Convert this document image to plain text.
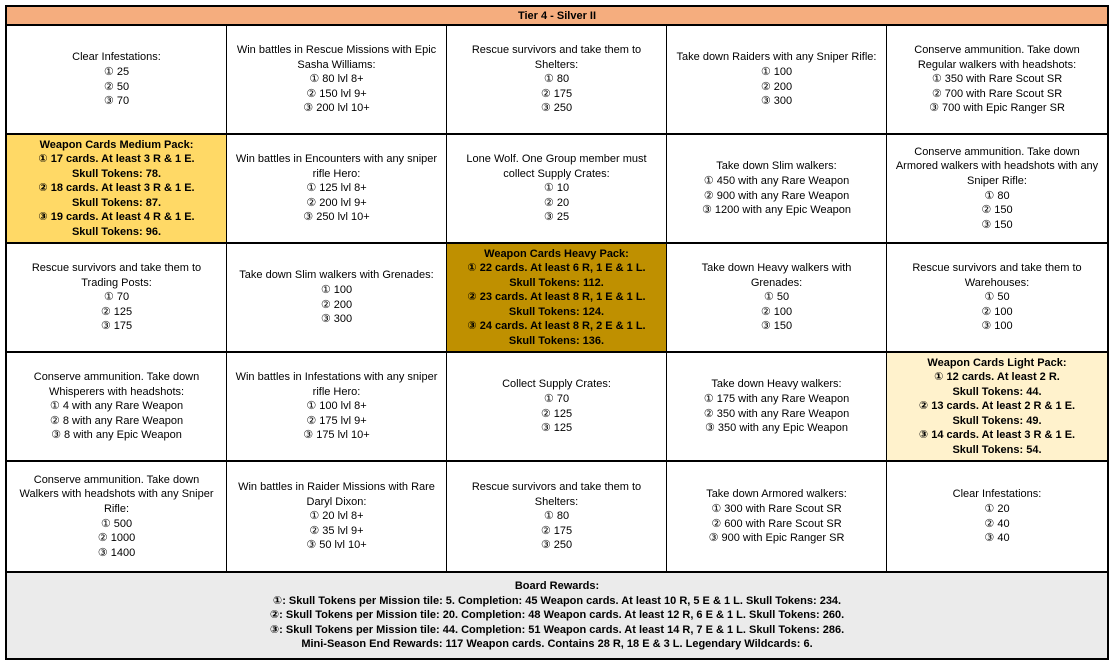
Tier 4 - Silver II
Clear Infestations:
① 25
② 50
③ 70
Win battles in Rescue Missions with Epic Sasha Williams:
① 80 lvl 8+
② 150 lvl 9+
③ 200 lvl 10+
Rescue survivors and take them to Shelters:
① 80
② 175
③ 250
Take down Raiders with any Sniper Rifle:
① 100
② 200
③ 300
Conserve ammunition. Take down Regular walkers with headshots:
① 350 with Rare Scout SR
② 700 with Rare Scout SR
③ 700 with Epic Ranger SR
Weapon Cards Medium Pack:
① 17 cards. At least 3 R & 1 E.
Skull Tokens: 78.
② 18 cards. At least 3 R & 1 E.
Skull Tokens: 87.
③ 19 cards. At least 4 R & 1 E.
Skull Tokens: 96.
Win battles in Encounters with any sniper rifle Hero:
① 125 lvl 8+
② 200 lvl 9+
③ 250 lvl 10+
Lone Wolf. One Group member must collect Supply Crates:
① 10
② 20
③ 25
Take down Slim walkers:
① 450 with any Rare Weapon
② 900 with any Rare Weapon
③ 1200 with any Epic Weapon
Conserve ammunition. Take down Armored walkers with headshots with any Sniper Rifle:
① 80
② 150
③ 150
Rescue survivors and take them to Trading Posts:
① 70
② 125
③ 175
Take down Slim walkers with Grenades:
① 100
② 200
③ 300
Weapon Cards Heavy Pack:
① 22 cards. At least 6 R, 1 E & 1 L.
Skull Tokens: 112.
② 23 cards. At least 8 R, 1 E & 1 L.
Skull Tokens: 124.
③ 24 cards. At least 8 R, 2 E & 1 L.
Skull Tokens: 136.
Take down Heavy walkers with Grenades:
① 50
② 100
③ 150
Rescue survivors and take them to Warehouses:
① 50
② 100
③ 100
Conserve ammunition. Take down Whisperers with headshots:
① 4 with any Rare Weapon
② 8 with any Rare Weapon
③ 8 with any Epic Weapon
Win battles in Infestations with any sniper rifle Hero:
① 100 lvl 8+
② 175 lvl 9+
③ 175 lvl 10+
Collect Supply Crates:
① 70
② 125
③ 125
Take down Heavy walkers:
① 175 with any Rare Weapon
② 350 with any Rare Weapon
③ 350 with any Epic Weapon
Weapon Cards Light Pack:
① 12 cards. At least 2 R.
Skull Tokens: 44.
② 13 cards. At least 2 R & 1 E.
Skull Tokens: 49.
③ 14 cards. At least 3 R & 1 E.
Skull Tokens: 54.
Conserve ammunition. Take down Walkers with headshots with any Sniper Rifle:
① 500
② 1000
③ 1400
Win battles in Raider Missions with Rare Daryl Dixon:
① 20 lvl 8+
② 35 lvl 9+
③ 50 lvl 10+
Rescue survivors and take them to Shelters:
① 80
② 175
③ 250
Take down Armored walkers:
① 300 with Rare Scout SR
② 600 with Rare Scout SR
③ 900 with Epic Ranger SR
Clear Infestations:
① 20
② 40
③ 40
Board Rewards:
①: Skull Tokens per Mission tile: 5. Completion: 45 Weapon cards. At least 10 R, 5 E & 1 L. Skull Tokens: 234.
②: Skull Tokens per Mission tile: 20. Completion: 48 Weapon cards. At least 12 R, 6 E & 1 L. Skull Tokens: 260.
③: Skull Tokens per Mission tile: 44. Completion: 51 Weapon cards. At least 14 R, 7 E & 1 L. Skull Tokens: 286.
Mini-Season End Rewards: 117 Weapon cards. Contains 28 R, 18 E & 3 L. Legendary Wildcards: 6.
